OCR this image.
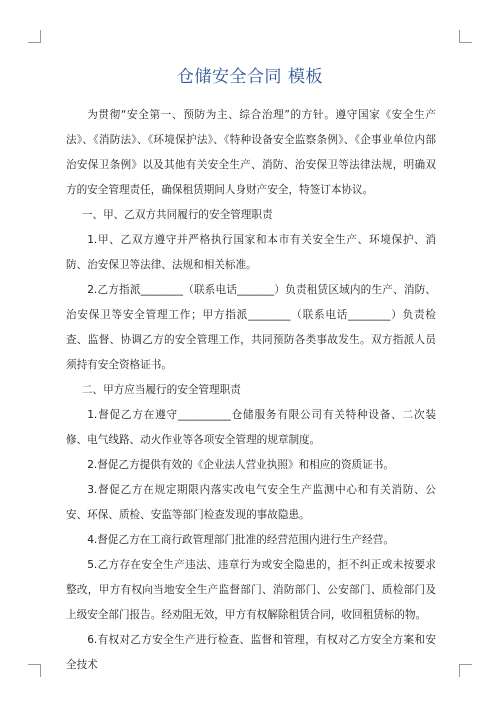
仓储安全合同 模板

为贯彻“安全第一、预防为主、综合治理”的方针。遵守国家《安全生产法》、《消防法》、《环境保护法》、《特种设备安全监察条例》、《企事业单位内部治安保卫条例》以及其他有关安全生产、消防、治安保卫等法律法规，明确双方的安全管理责任，确保租赁期间人身财产安全，特签订本协议。

一、甲、乙双方共同履行的安全管理职责

1.甲、乙双方遵守并严格执行国家和本市有关安全生产、环境保护、消防、治安保卫等法律、法规和相关标准。

2.乙方指派________（联系电话_______）负责租赁区域内的生产、消防、治安保卫等安全管理工作；甲方指派________（联系电话________）负责检查、监督、协调乙方的安全管理工作，共同预防各类事故发生。双方指派人员须持有安全资格证书。

二、甲方应当履行的安全管理职责

1.督促乙方在遵守__________仓储服务有限公司有关特种设备、二次装修、电气线路、动火作业等各项安全管理的规章制度。

2.督促乙方提供有效的《企业法人营业执照》和相应的资质证书。

3.督促乙方在规定期限内落实改电气安全生产监测中心和有关消防、公安、环保、质检、安监等部门检查发现的事故隐患。

4.督促乙方在工商行政管理部门批准的经营范围内进行生产经营。

5.乙方存在安全生产违法、违章行为或安全隐患的，拒不纠正或未按要求整改，甲方有权向当地安全生产监督部门、消防部门、公安部门、质检部门及上级安全部门报告。经劝阻无效，甲方有权解除租赁合同，收回租赁标的物。

6.有权对乙方安全生产进行检查、监督和管理，有权对乙方安全方案和安全技术
